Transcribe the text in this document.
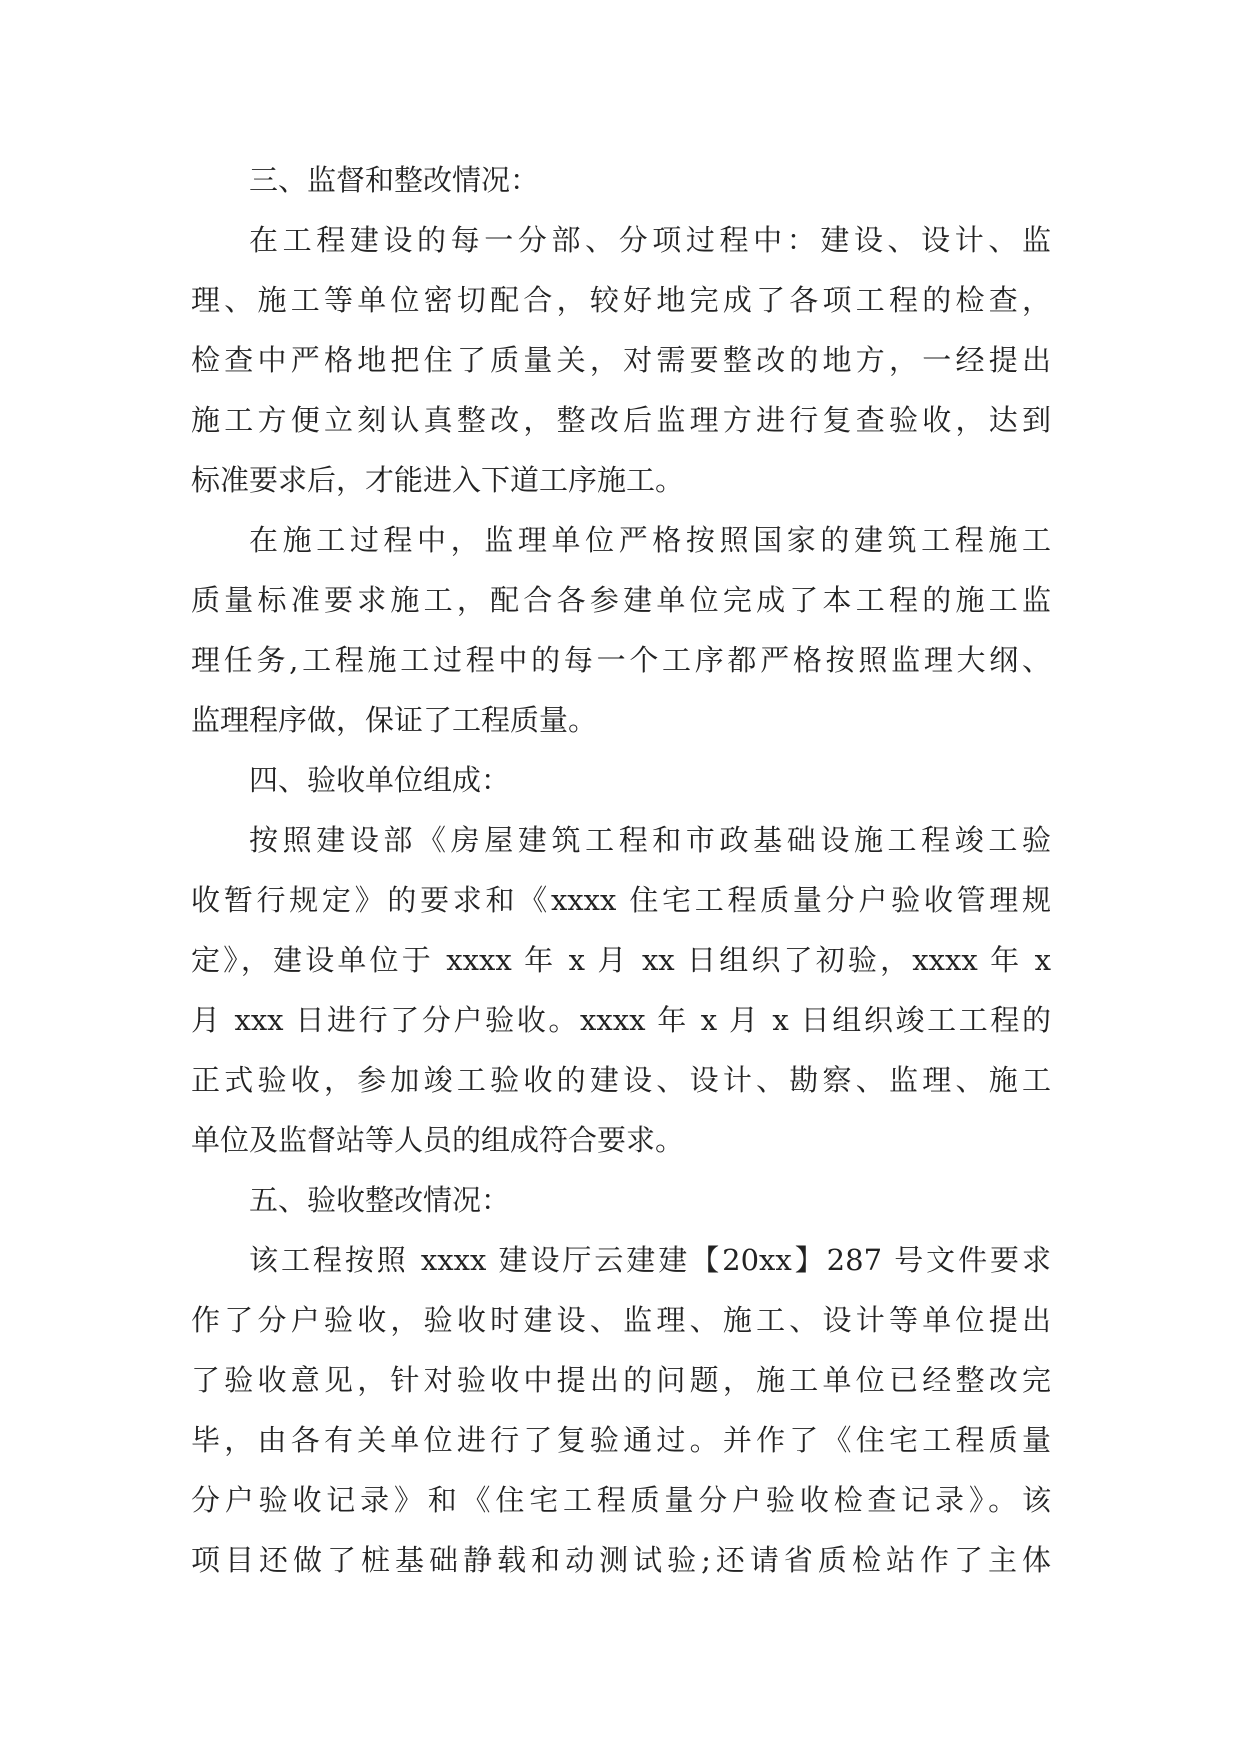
三、监督和整改情况：
在工程建设的每一分部、分项过程中：建设、设计、监
理、施工等单位密切配合，较好地完成了各项工程的检查，
检查中严格地把住了质量关，对需要整改的地方，一经提出
施工方便立刻认真整改，整改后监理方进行复查验收，达到
标准要求后，才能进入下道工序施工。
在施工过程中，监理单位严格按照国家的建筑工程施工
质量标准要求施工，配合各参建单位完成了本工程的施工监
理任务,工程施工过程中的每一个工序都严格按照监理大纲、
监理程序做，保证了工程质量。
四、验收单位组成：
按照建设部《房屋建筑工程和市政基础设施工程竣工验
收暂行规定》的要求和《xxxx 住宅工程质量分户验收管理规
定》，建设单位于 xxxx 年 x 月 xx 日组织了初验，xxxx 年 x
月 xxx 日进行了分户验收。xxxx 年 x 月 x 日组织竣工工程的
正式验收，参加竣工验收的建设、设计、勘察、监理、施工
单位及监督站等人员的组成符合要求。
五、验收整改情况：
该工程按照 xxxx 建设厅云建建【20xx】287 号文件要求
作了分户验收，验收时建设、监理、施工、设计等单位提出
了验收意见，针对验收中提出的问题，施工单位已经整改完
毕，由各有关单位进行了复验通过。并作了《住宅工程质量
分户验收记录》和《住宅工程质量分户验收检查记录》。该
项目还做了桩基础静载和动测试验;还请省质检站作了主体
